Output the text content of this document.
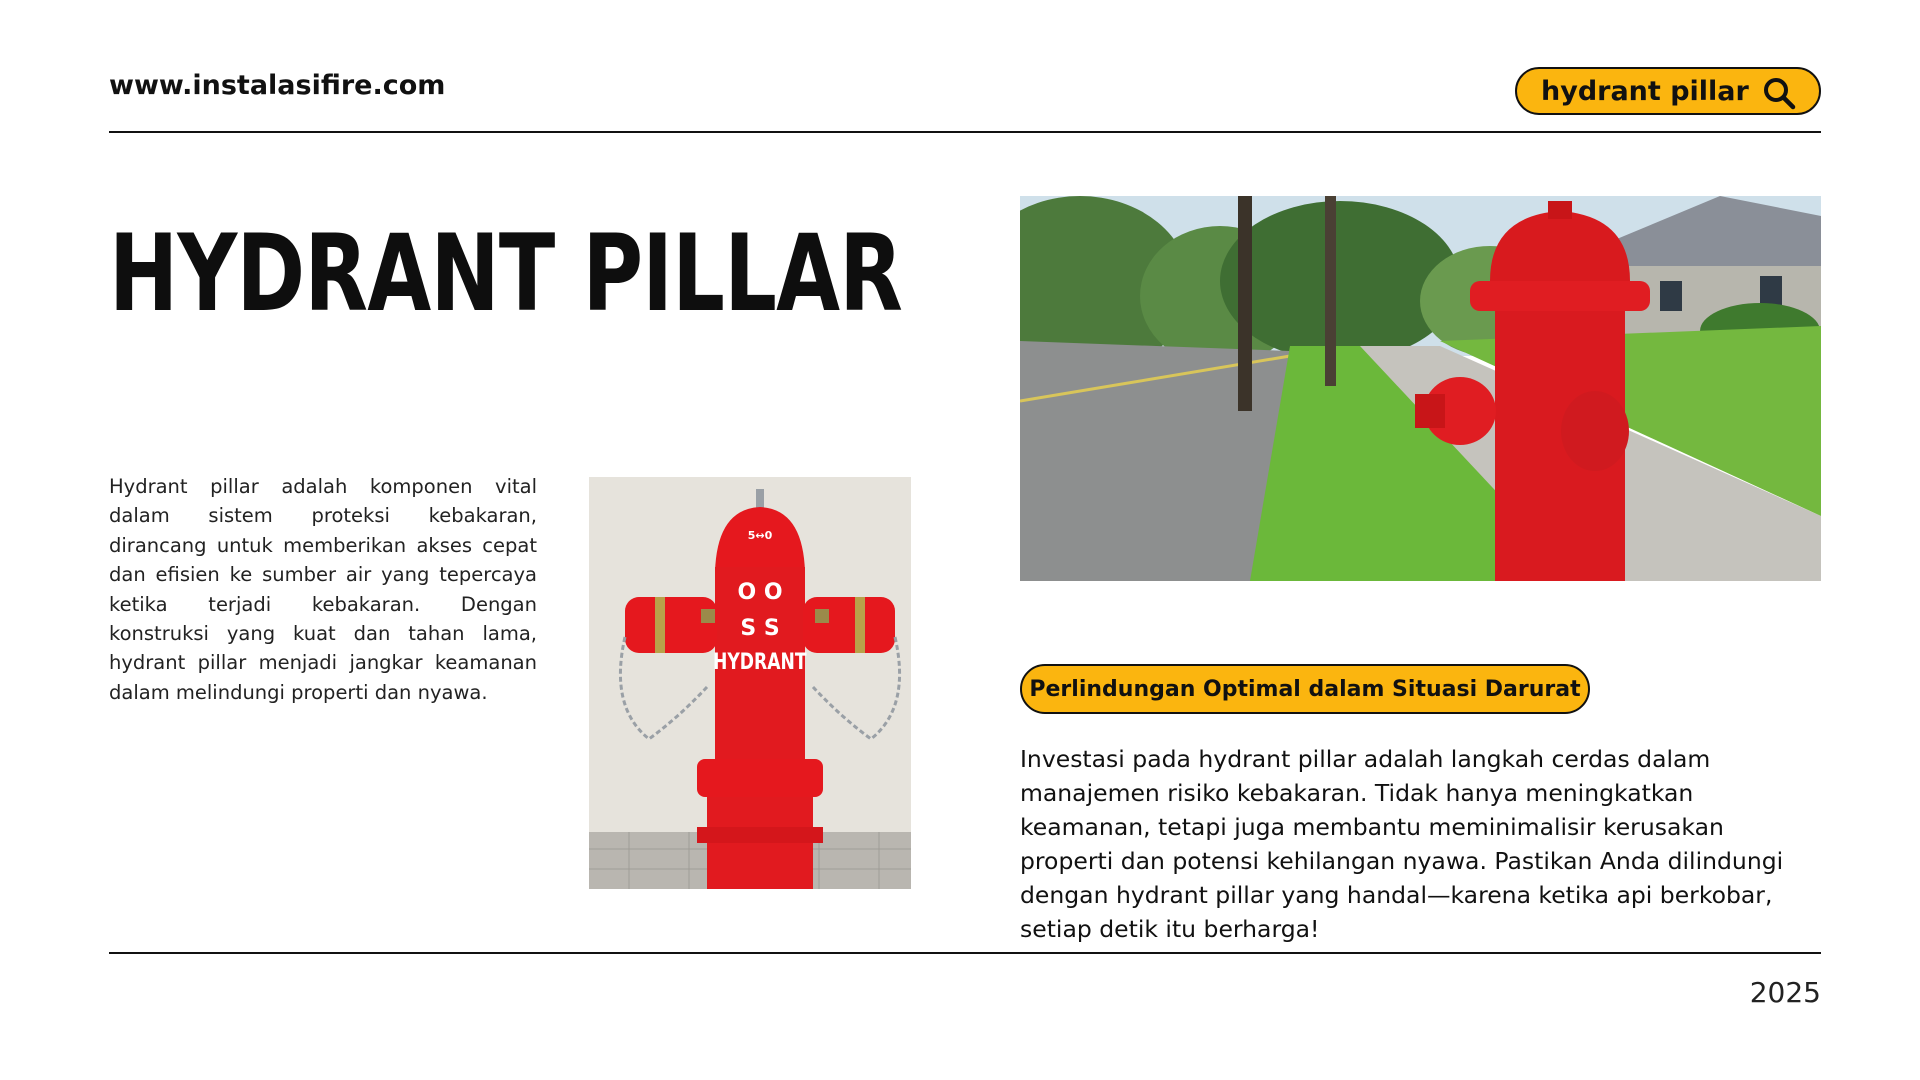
www.instalasifire.com	hydrant pillar
HYDRANT PILLAR

Hydrant pillar adalah komponen vital dalam sistem proteksi kebakaran, dirancang untuk memberikan akses cepat dan efisien ke sumber air yang tepercaya ketika terjadi kebakaran. Dengan konstruksi yang kuat dan tahan lama, hydrant pillar menjadi jangkar keamanan dalam melindungi properti dan nyawa.

5↔0
O O
S S
HYDRANT
Perlindungan Optimal dalam Situasi Darurat

Investasi pada hydrant pillar adalah langkah cerdas dalam manajemen risiko kebakaran. Tidak hanya meningkatkan keamanan, tetapi juga membantu meminimalisir kerusakan properti dan potensi kehilangan nyawa. Pastikan Anda dilindungi dengan hydrant pillar yang handal—karena ketika api berkobar, setiap detik itu berharga!

2025
